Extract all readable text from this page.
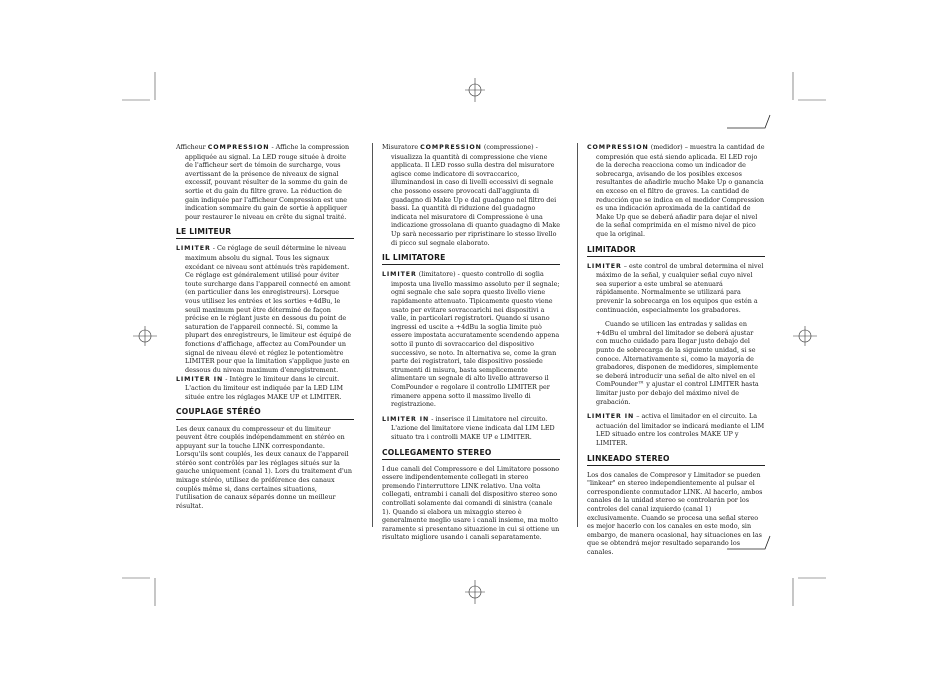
Afficheur COMPRESSION - Affiche la compression appliquée au signal. La LED rouge située à droite de l'afficheur sert de témoin de surcharge, vous avertissant de la présence de niveaux de signal excessif, pouvant résulter de la somme du gain de sortie et du gain du filtre grave. La réduction de gain indiquée par l'afficheur Compression est une indication sommaire du gain de sortie à appliquer pour restaurer le niveau en crête du signal traité.

LE LIMITEUR

LIMITER - Ce réglage de seuil détermine le niveau maximum absolu du signal. Tous les signaux excédant ce niveau sont atténués très rapidement. Ce réglage est généralement utilisé pour éviter toute surcharge dans l'appareil connecté en amont (en particulier dans les enregistreurs). Lorsque vous utilisez les entrées et les sorties +4dBu, le seuil maximum peut être déterminé de façon précise en le réglant juste en dessous du point de saturation de l'appareil connecté. Si, comme la plupart des enregistreurs, le limiteur est équipé de fonctions d'affichage, affectez au ComPounder un signal de niveau élevé et réglez le potentiomètre LIMITER pour que la limitation s'applique juste en dessous du niveau maximum d'enregistrement.

LIMITER IN - Intègre le limiteur dans le circuit. L'action du limiteur est indiquée par la LED LIM située entre les réglages MAKE UP et LIMITER.

COUPLAGE STÉRÉO

Les deux canaux du compresseur et du limiteur peuvent être couplés indépendamment en stéréo en appuyant sur la touche LINK correspondante. Lorsqu'ils sont couplés, les deux canaux de l'appareil stéréo sont contrôlés par les réglages situés sur la gauche uniquement (canal 1). Lors du traitement d'un mixage stéréo, utilisez de préférence des canaux couplés même si, dans certaines situations, l'utilisation de canaux séparés donne un meilleur résultat.

Misuratore COMPRESSION (compressione) - visualizza la quantità di compressione che viene applicata. Il LED rosso sulla destra del misuratore agisce come indicatore di sovraccarico, illuminandosi in caso di livelli eccessivi di segnale che possono essere provocati dall'aggiunta di guadagno di Make Up e dal guadagno nel filtro dei bassi. La quantità di riduzione del guadagno indicata nel misuratore di Compressione è una indicazione grossolana di quanto guadagno di Make Up sarà necessario per ripristinare lo stesso livello di picco sul segnale elaborato.

IL LIMITATORE

LIMITER (limitatore) - questo controllo di soglia imposta una livello massimo assoluto per il segnale; ogni segnale che sale sopra questo livello viene rapidamente attenuato. Tipicamente questo viene usato per evitare sovraccarichi nei dispositivi a valle, in particolari registratori. Quando si usano ingressi ed uscite a +4dBu la soglia limite può essere impostata accuratamente scendendo appena sotto il punto di sovraccarico del dispositivo successivo, se noto. In alternativa se, come la gran parte dei registratori, tale dispositivo possiede strumenti di misura, basta semplicemente alimentare un segnale di alto livello attraverso il ComPounder e regolare il controllo LIMITER per rimanere appena sotto il massimo livello di registrazione.

LIMITER IN - inserisce il Limitatore nel circuito. L'azione del limitatore viene indicata dal LIM LED situato tra i controlli MAKE UP e LIMITER.

COLLEGAMENTO STEREO

I due canali del Compressore e del Limitatore possono essere indipendentemente collegati in stereo premendo l'interruttore LINK relativo. Una volta collegati, entrambi i canali del dispositivo stereo sono controllati solamente dai comandi di sinistra (canale 1). Quando si elabora un mixaggio stereo è generalmente meglio usare i canali insieme, ma molto raramente si presentano situazione in cui si ottiene un risultato migliore usando i canali separatamente.

COMPRESSION (medidor) – muestra la cantidad de compresión que está siendo aplicada. El LED rojo de la derecha reacciona como un indicador de sobrecarga, avisando de los posibles excesos resultantes de añadirle mucho Make Up o ganancia en exceso en el filtro de graves. La cantidad de reducción que se indica en el medidor Compression es una indicación aproximada de la cantidad de Make Up que se deberá añadir para dejar el nivel de la señal comprimida en el mismo nivel de pico que la original.

LIMITADOR

LIMITER – este control de umbral determina el nivel máximo de la señal, y cualquier señal cuyo nivel sea superior a este umbral se atenuará rápidamente. Normalmente se utilizará para prevenir la sobrecarga en los equipos que estén a continuación, especialmente los grabadores.

Cuando se utilicen las entradas y salidas en +4dBu el umbral del limitador se deberá ajustar con mucho cuidado para llegar justo debajo del punto de sobrecarga de la siguiente unidad, si se conoce. Alternativamente si, como la mayoría de grabadores, disponen de medidores, simplemente se deberá introducir una señal de alto nivel en el ComPounder™ y ajustar el control LIMITER hasta limitar justo por debajo del máximo nivel de grabación.

LIMITER IN – activa el limitador en el circuito. La actuación del limitador se indicará mediante el LIM LED situado entre los controles MAKE UP y LIMITER.

LINKEADO STEREO

Los dos canales de Compresor y Limitador se pueden "linkear" en stereo independientemente al pulsar el correspondiente conmutador LINK. Al hacerlo, ambos canales de la unidad stereo se controlarán por los controles del canal izquierdo (canal 1) exclusivamente. Cuando se procesa una señal stereo es mejor hacerlo con los canales en este modo, sin embargo, de manera ocasional, hay situaciones en las que se obtendrá mejor resultado separando los canales.
